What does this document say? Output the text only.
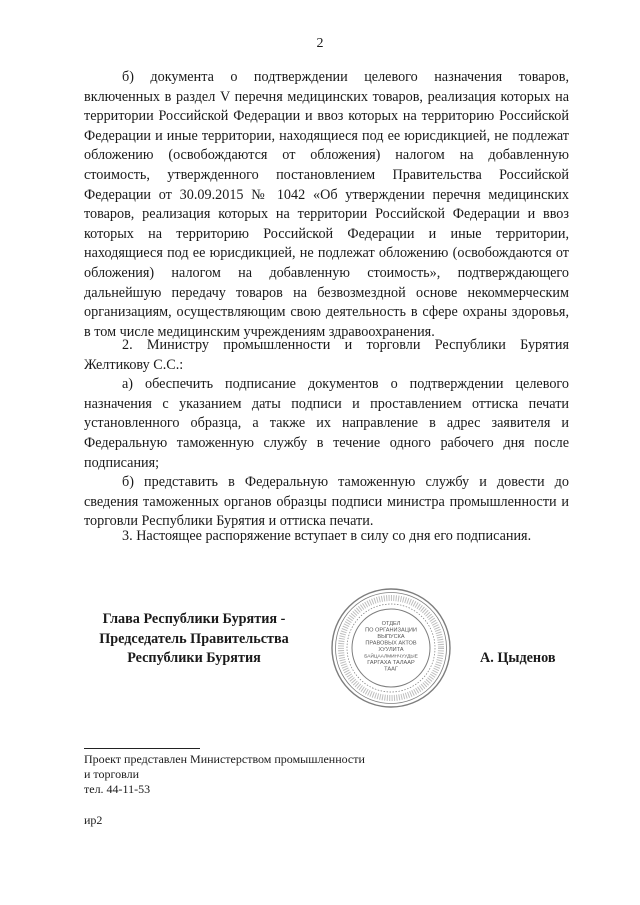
2

б) документа о подтверждении целевого назначения товаров, включенных в раздел V перечня медицинских товаров, реализация которых на территории Российской Федерации и ввоз которых на территорию Российской Федерации и иные территории, находящиеся под ее юрисдикцией, не подлежат обложению (освобождаются от обложения) налогом на добавленную стоимость, утвержденного постановлением Правительства Российской Федерации от 30.09.2015 № 1042 «Об утверждении перечня медицинских товаров, реализация которых на территории Российской Федерации и ввоз которых на территорию Российской Федерации и иные территории, находящиеся под ее юрисдикцией, не подлежат обложению (освобождаются от обложения) налогом на добавленную стоимость», подтверждающего дальнейшую передачу товаров на безвозмездной основе некоммерческим организациям, осуществляющим свою деятельность в сфере охраны здоровья, в том числе медицинским учреждениям здравоохранения.

2. Министру промышленности и торговли Республики Бурятия Желтикову С.С.:

а) обеспечить подписание документов о подтверждении целевого назначения с указанием даты подписи и проставлением оттиска печати установленного образца, а также их направление в адрес заявителя и Федеральную таможенную службу в течение одного рабочего дня после подписания;

б) представить в Федеральную таможенную службу и довести до сведения таможенных органов образцы подписи министра промышленности и торговли Республики Бурятия и оттиска печати.

3. Настоящее распоряжение вступает в силу со дня его подписания.

Глава Республики Бурятия -
Председатель Правительства
Республики Бурятия
ОТДЕЛ
ПО ОРГАНИЗАЦИИ
ВЫПУСКА
ПРАВОВЫХ АКТОВ
ХУУЛИТА
БАЙЦААЛМИНЧУУДЫЕ
ГАРГАХА ТАЛААР
ТААГ
А. Цыденов
Проект представлен Министерством промышленности
и торговли
тел. 44-11-53
ир2
